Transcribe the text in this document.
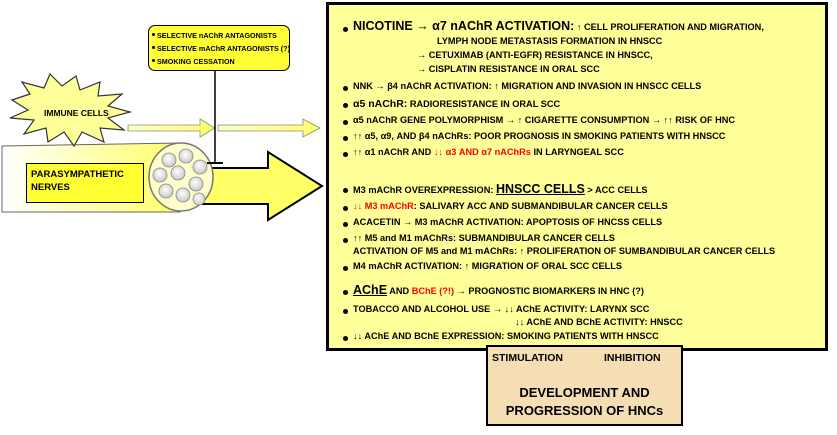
SELECTIVE nAChR ANTAGONISTS
SELECTIVE mAChR ANTAGONISTS (?)
SMOKING CESSATION
IMMUNE CELLS
PARASYMPATHETIC
NERVES
NICOTINE → α7 nAChR ACTIVATION: ↑ CELL PROLIFERATION AND MIGRATION,
LYMPH NODE METASTASIS FORMATION IN HNSCC
→ CETUXIMAB (ANTI-EGFR) RESISTANCE IN HNSCC,
→ CISPLATIN RESISTANCE IN ORAL SCC
NNK → β4 nAChR ACTIVATION: ↑ MIGRATION AND INVASION IN HNSCC CELLS
α5 nAChR: RADIORESISTANCE IN ORAL SCC
α5 nAChR GENE POLYMORPHISM → ↑ CIGARETTE CONSUMPTION → ↑↑ RISK OF HNC
↑↑ α5, α9, AND β4 nAChRs: POOR PROGNOSIS IN SMOKING PATIENTS WITH HNSCC
↑↑ α1 nAChR AND ↓↓ α3 AND α7 nAChRs IN LARYNGEAL SCC
M3 mAChR OVEREXPRESSION: HNSCC CELLS > ACC CELLS
↓↓ M3 mAChR: SALIVARY ACC AND SUBMANDIBULAR CANCER CELLS
ACACETIN → M3 mAChR ACTIVATION: APOPTOSIS OF HNCSS CELLS
↑↑ M5 and M1 mAChRs: SUBMANDIBULAR CANCER CELLS
ACTIVATION OF M5 and M1 mAChRs: ↑ PROLIFERATION OF SUMBANDIBULAR CANCER CELLS
M4 mAChR ACTIVATION: ↑ MIGRATION OF ORAL SCC CELLS
AChE AND BChE (?!) → PROGNOSTIC BIOMARKERS IN HNC (?)
TOBACCO AND ALCOHOL USE → ↓↓ AChE ACTIVITY: LARYNX SCC
↓↓ AChE AND BChE ACTIVITY: HNSCC
↓↓ AChE AND BChE EXPRESSION: SMOKING PATIENTS WITH HNSCC
STIMULATION	INHIBITION
DEVELOPMENT AND
PROGRESSION OF HNCs
